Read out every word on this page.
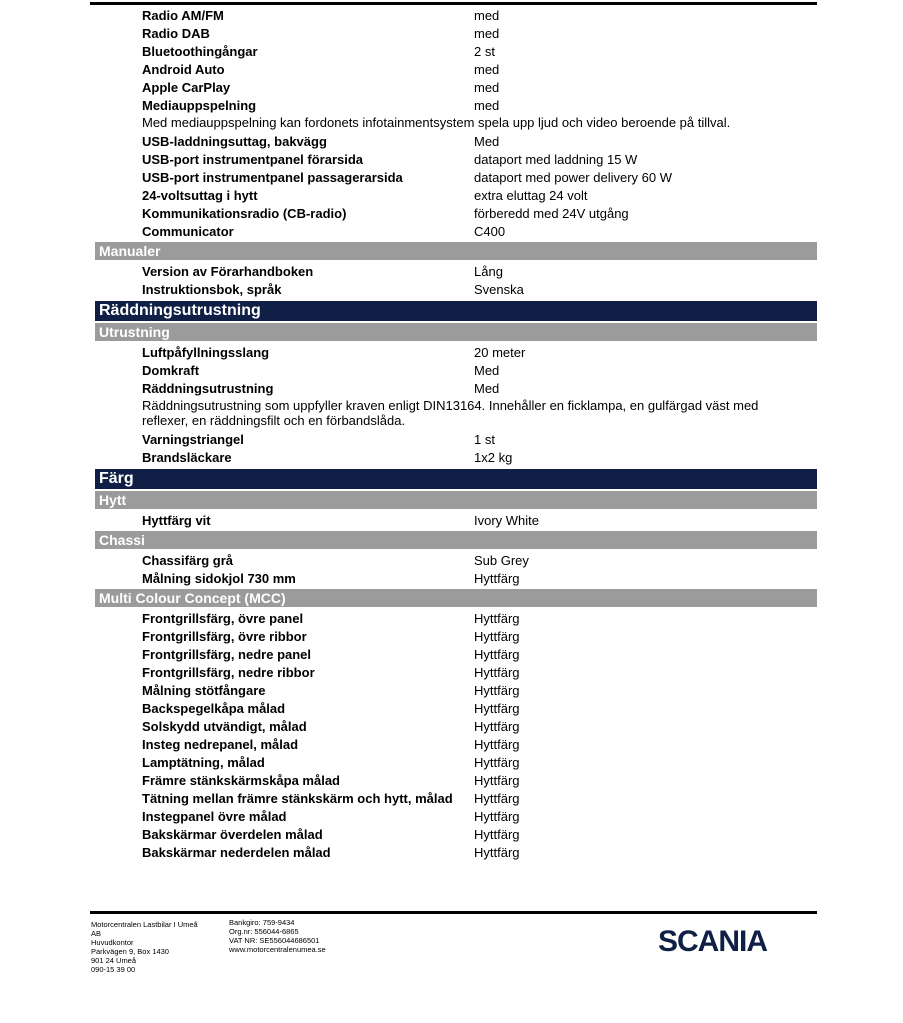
Radio AM/FM	med
Radio DAB	med
Bluetoothingångar	2 st
Android Auto	med
Apple CarPlay	med
Mediauppspelning	med
Med mediauppspelning kan fordonets infotainmentsystem spela upp ljud och video beroende på tillval.
USB-laddningsuttag, bakvägg	Med
USB-port instrumentpanel förarsida	dataport med laddning 15 W
USB-port instrumentpanel passagerarsida	dataport med power delivery 60 W
24-voltsuttag i hytt	extra eluttag 24 volt
Kommunikationsradio (CB-radio)	förberedd med 24V utgång
Communicator	C400
Manualer
Version av Förarhandboken	Lång
Instruktionsbok, språk	Svenska
Räddningsutrustning
Utrustning
Luftpåfyllningsslang	20 meter
Domkraft	Med
Räddningsutrustning	Med
Räddningsutrustning som uppfyller kraven enligt DIN13164. Innehåller en ficklampa, en gulfärgad väst med reflexer, en räddningsfilt och en förbandslåda.
Varningstriangel	1 st
Brandsläckare	1x2 kg
Färg
Hytt
Hyttfärg vit	Ivory White
Chassi
Chassifärg grå	Sub Grey
Målning sidokjol 730 mm	Hyttfärg
Multi Colour Concept (MCC)
Frontgrillsfärg, övre panel	Hyttfärg
Frontgrillsfärg, övre ribbor	Hyttfärg
Frontgrillsfärg, nedre panel	Hyttfärg
Frontgrillsfärg, nedre ribbor	Hyttfärg
Målning stötfångare	Hyttfärg
Backspegelkåpa målad	Hyttfärg
Solskydd utvändigt, målad	Hyttfärg
Insteg nedrepanel, målad	Hyttfärg
Lamptätning, målad	Hyttfärg
Främre stänkskärmskåpa målad	Hyttfärg
Tätning mellan främre stänkskärm och hytt, målad	Hyttfärg
Instegpanel övre målad	Hyttfärg
Bakskärmar överdelen målad	Hyttfärg
Bakskärmar nederdelen målad	Hyttfärg
Motorcentralen Lastbilar I Umeå
AB
Huvudkontor
Parkvägen 9, Box 1430
901 24 Umeå
090-15 39 00
Bankgiro: 759-9434
Org.nr: 556044-6865
VAT NR: SE556044686501
www.motorcentralenumea.se	SCANIA
